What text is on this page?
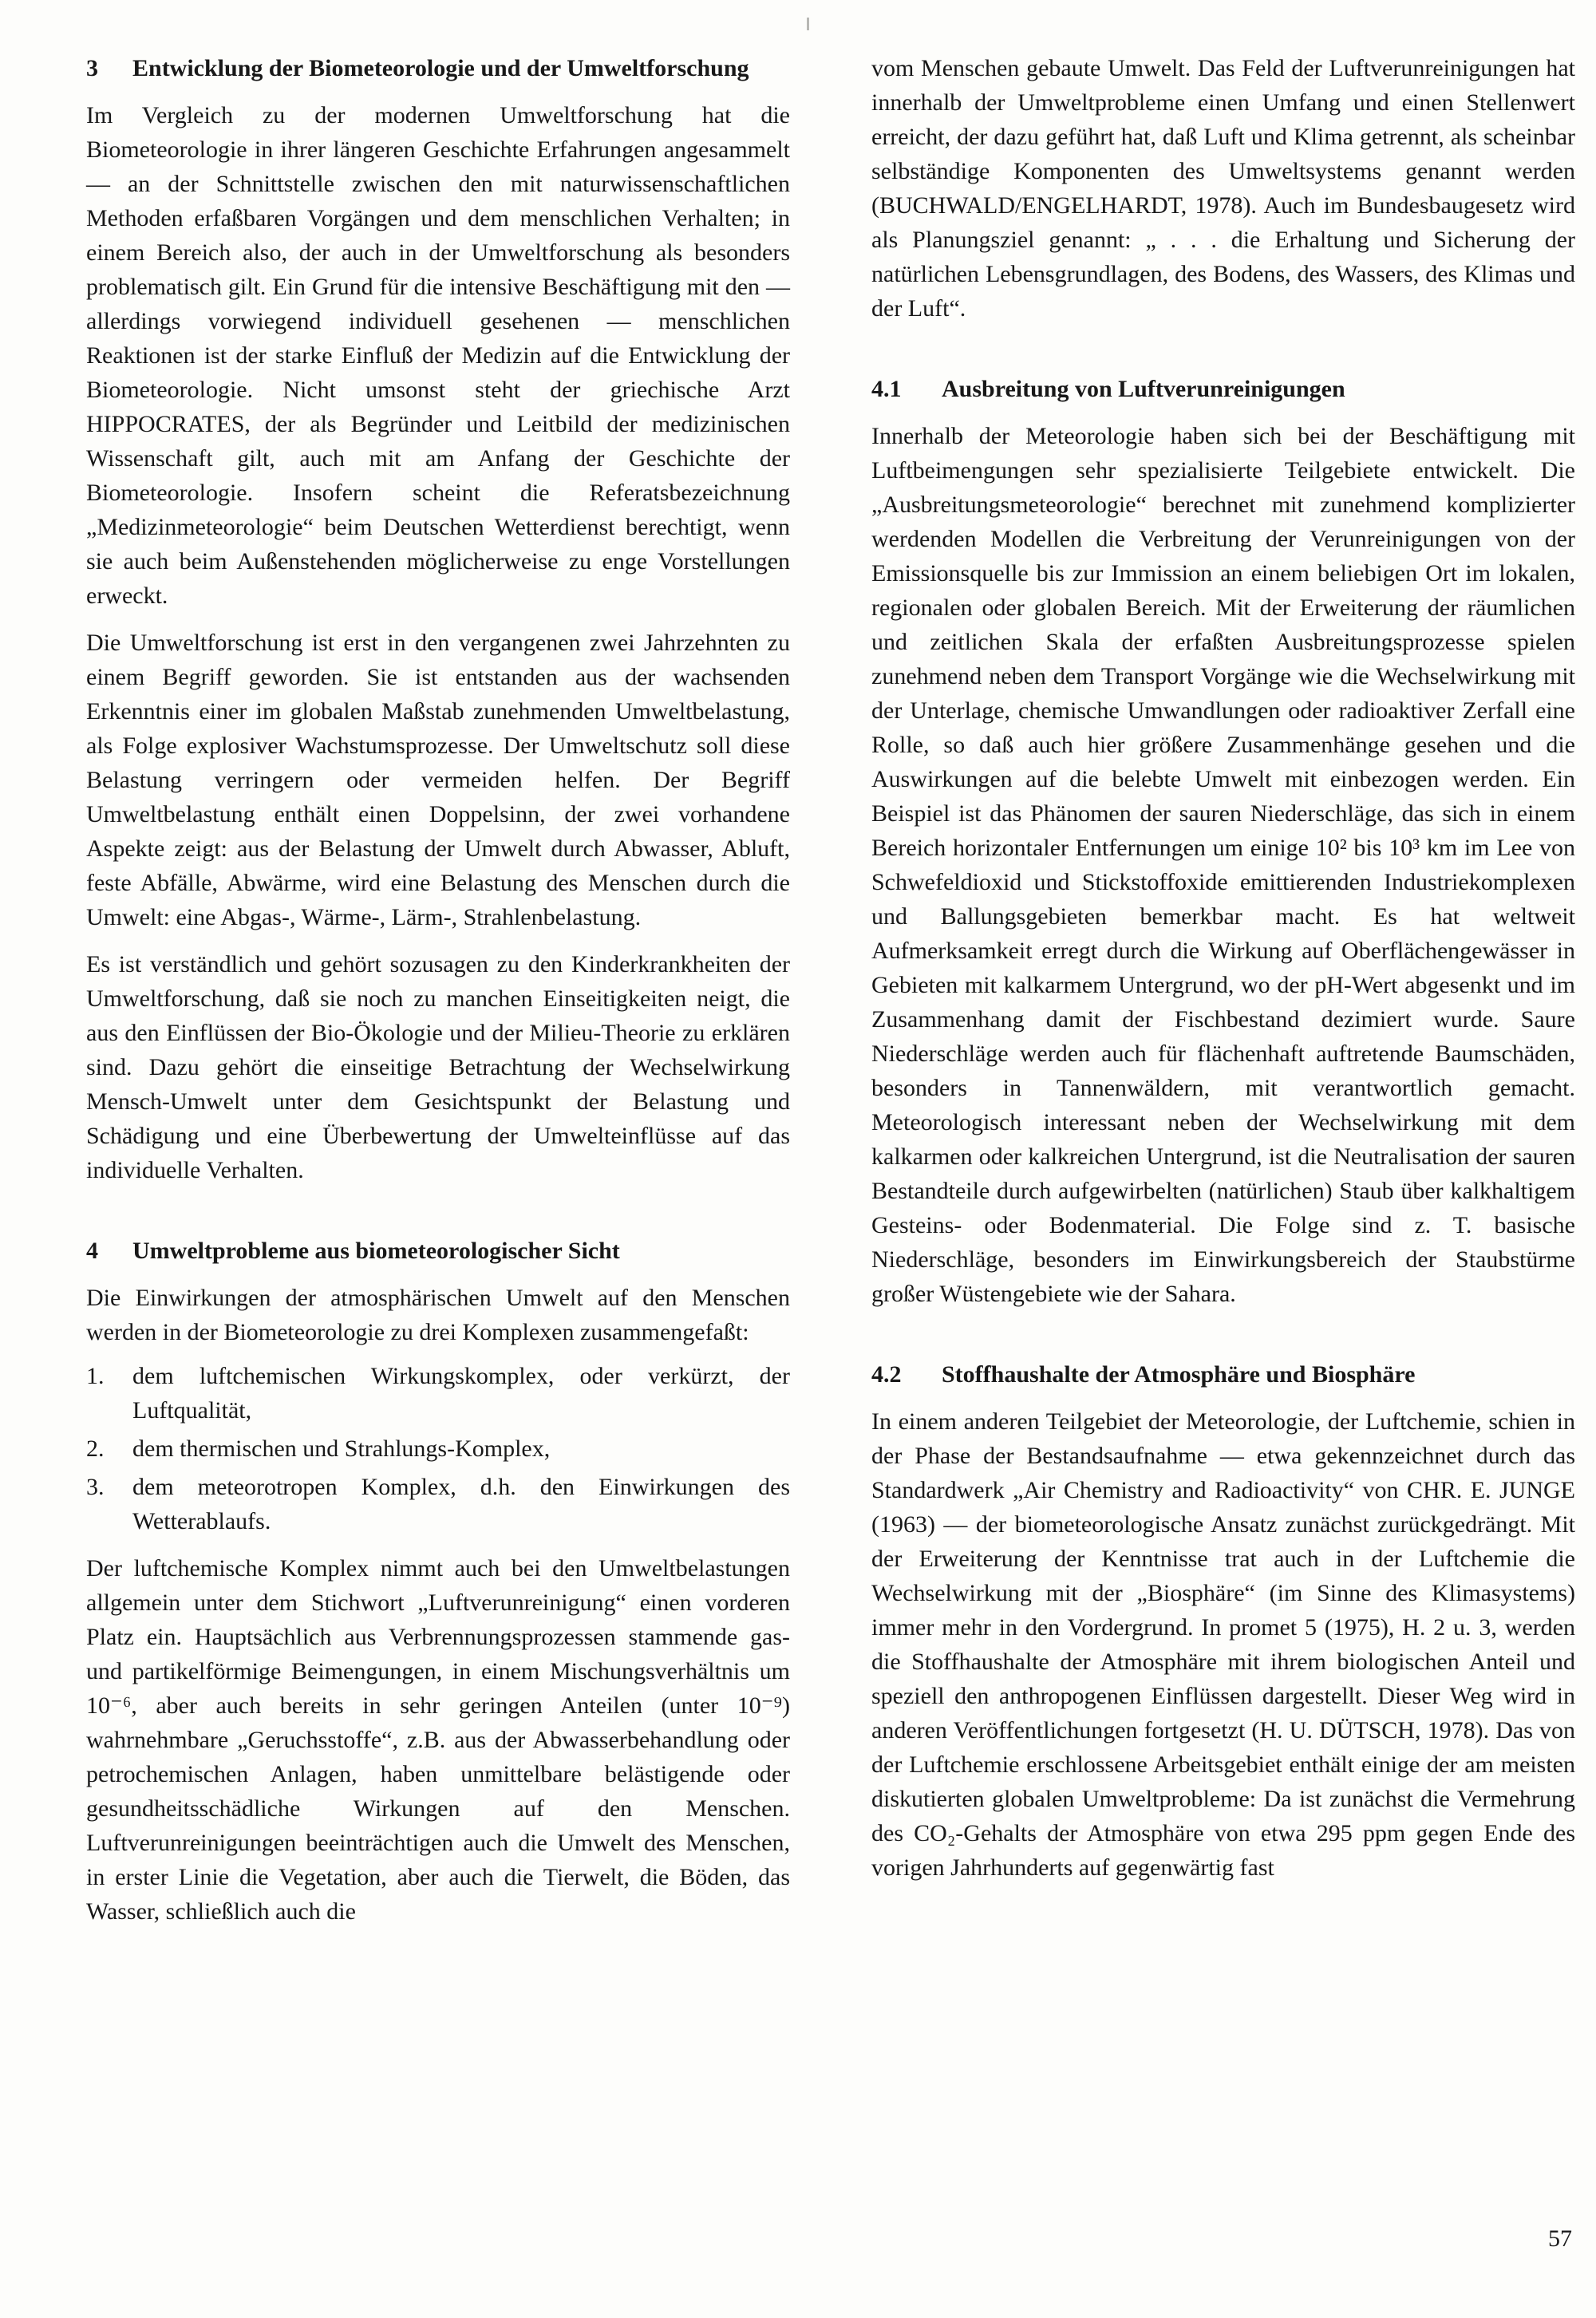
3	Entwicklung der Biometeorologie und der Umweltforschung

Im Vergleich zu der modernen Umweltforschung hat die Biometeorologie in ihrer längeren Geschichte Erfahrungen angesammelt — an der Schnittstelle zwischen den mit naturwissenschaftlichen Methoden erfaßbaren Vorgängen und dem menschlichen Verhalten; in einem Bereich also, der auch in der Umweltforschung als besonders problematisch gilt. Ein Grund für die intensive Beschäftigung mit den — allerdings vorwiegend individuell gesehenen — menschlichen Reaktionen ist der starke Einfluß der Medizin auf die Entwicklung der Biometeorologie. Nicht umsonst steht der griechische Arzt HIPPOCRATES, der als Begründer und Leitbild der medizinischen Wissenschaft gilt, auch mit am Anfang der Geschichte der Biometeorologie. Insofern scheint die Referatsbezeichnung „Medizinmeteorologie“ beim Deutschen Wetterdienst berechtigt, wenn sie auch beim Außenstehenden möglicherweise zu enge Vorstellungen erweckt.

Die Umweltforschung ist erst in den vergangenen zwei Jahrzehnten zu einem Begriff geworden. Sie ist entstanden aus der wachsenden Erkenntnis einer im globalen Maßstab zunehmenden Umweltbelastung, als Folge explosiver Wachstumsprozesse. Der Umweltschutz soll diese Belastung verringern oder vermeiden helfen. Der Begriff Umweltbelastung enthält einen Doppelsinn, der zwei vorhandene Aspekte zeigt: aus der Belastung der Umwelt durch Abwasser, Abluft, feste Abfälle, Abwärme, wird eine Belastung des Menschen durch die Umwelt: eine Abgas-, Wärme-, Lärm-, Strahlenbelastung.

Es ist verständlich und gehört sozusagen zu den Kinderkrankheiten der Umweltforschung, daß sie noch zu manchen Einseitigkeiten neigt, die aus den Einflüssen der Bio-Ökologie und der Milieu-Theorie zu erklären sind. Dazu gehört die einseitige Betrachtung der Wechselwirkung Mensch-Umwelt unter dem Gesichtspunkt der Belastung und Schädigung und eine Überbewertung der Umwelteinflüsse auf das individuelle Verhalten.

4	Umweltprobleme aus biometeorologischer Sicht

Die Einwirkungen der atmosphärischen Umwelt auf den Menschen werden in der Biometeorologie zu drei Komplexen zusammengefaßt:

1.	dem luftchemischen Wirkungskomplex, oder verkürzt, der Luftqualität,
2.	dem thermischen und Strahlungs-Komplex,
3.	dem meteorotropen Komplex, d.h. den Einwirkungen des Wetterablaufs.

Der luftchemische Komplex nimmt auch bei den Umweltbelastungen allgemein unter dem Stichwort „Luftverunreinigung“ einen vorderen Platz ein. Hauptsächlich aus Verbrennungsprozessen stammende gas- und partikelförmige Beimengungen, in einem Mischungsverhältnis um 10⁻⁶, aber auch bereits in sehr geringen Anteilen (unter 10⁻⁹) wahrnehmbare „Geruchsstoffe“, z.B. aus der Abwasserbehandlung oder petrochemischen Anlagen, haben unmittelbare belästigende oder gesundheitsschädliche Wirkungen auf den Menschen. Luftverunreinigungen beeinträchtigen auch die Umwelt des Menschen, in erster Linie die Vegetation, aber auch die Tierwelt, die Böden, das Wasser, schließlich auch die

vom Menschen gebaute Umwelt. Das Feld der Luftverunreinigungen hat innerhalb der Umweltprobleme einen Umfang und einen Stellenwert erreicht, der dazu geführt hat, daß Luft und Klima getrennt, als scheinbar selbständige Komponenten des Umweltsystems genannt werden (BUCHWALD/ENGELHARDT, 1978). Auch im Bundesbaugesetz wird als Planungsziel genannt: „ . . . die Erhaltung und Sicherung der natürlichen Lebensgrundlagen, des Bodens, des Wassers, des Klimas und der Luft“.

4.1	Ausbreitung von Luftverunreinigungen

Innerhalb der Meteorologie haben sich bei der Beschäftigung mit Luftbeimengungen sehr spezialisierte Teilgebiete entwickelt. Die „Ausbreitungsmeteorologie“ berechnet mit zunehmend komplizierter werdenden Modellen die Verbreitung der Verunreinigungen von der Emissionsquelle bis zur Immission an einem beliebigen Ort im lokalen, regionalen oder globalen Bereich. Mit der Erweiterung der räumlichen und zeitlichen Skala der erfaßten Ausbreitungsprozesse spielen zunehmend neben dem Transport Vorgänge wie die Wechselwirkung mit der Unterlage, chemische Umwandlungen oder radioaktiver Zerfall eine Rolle, so daß auch hier größere Zusammenhänge gesehen und die Auswirkungen auf die belebte Umwelt mit einbezogen werden. Ein Beispiel ist das Phänomen der sauren Niederschläge, das sich in einem Bereich horizontaler Entfernungen um einige 10² bis 10³ km im Lee von Schwefeldioxid und Stickstoffoxide emittierenden Industriekomplexen und Ballungsgebieten bemerkbar macht. Es hat weltweit Aufmerksamkeit erregt durch die Wirkung auf Oberflächengewässer in Gebieten mit kalkarmem Untergrund, wo der pH-Wert abgesenkt und im Zusammenhang damit der Fischbestand dezimiert wurde. Saure Niederschläge werden auch für flächenhaft auftretende Baumschäden, besonders in Tannenwäldern, mit verantwortlich gemacht. Meteorologisch interessant neben der Wechselwirkung mit dem kalkarmen oder kalkreichen Untergrund, ist die Neutralisation der sauren Bestandteile durch aufgewirbelten (natürlichen) Staub über kalkhaltigem Gesteins- oder Bodenmaterial. Die Folge sind z. T. basische Niederschläge, besonders im Einwirkungsbereich der Staubstürme großer Wüstengebiete wie der Sahara.

4.2	Stoffhaushalte der Atmosphäre und Biosphäre

In einem anderen Teilgebiet der Meteorologie, der Luftchemie, schien in der Phase der Bestandsaufnahme — etwa gekennzeichnet durch das Standardwerk „Air Chemistry and Radioactivity“ von CHR. E. JUNGE (1963) — der biometeorologische Ansatz zunächst zurückgedrängt. Mit der Erweiterung der Kenntnisse trat auch in der Luftchemie die Wechselwirkung mit der „Biosphäre“ (im Sinne des Klimasystems) immer mehr in den Vordergrund. In promet 5 (1975), H. 2 u. 3, werden die Stoffhaushalte der Atmosphäre mit ihrem biologischen Anteil und speziell den anthropogenen Einflüssen dargestellt. Dieser Weg wird in anderen Veröffentlichungen fortgesetzt (H. U. DÜTSCH, 1978). Das von der Luftchemie erschlossene Arbeitsgebiet enthält einige der am meisten diskutierten globalen Umweltprobleme: Da ist zunächst die Vermehrung des CO₂-Gehalts der Atmosphäre von etwa 295 ppm gegen Ende des vorigen Jahrhunderts auf gegenwärtig fast

57
